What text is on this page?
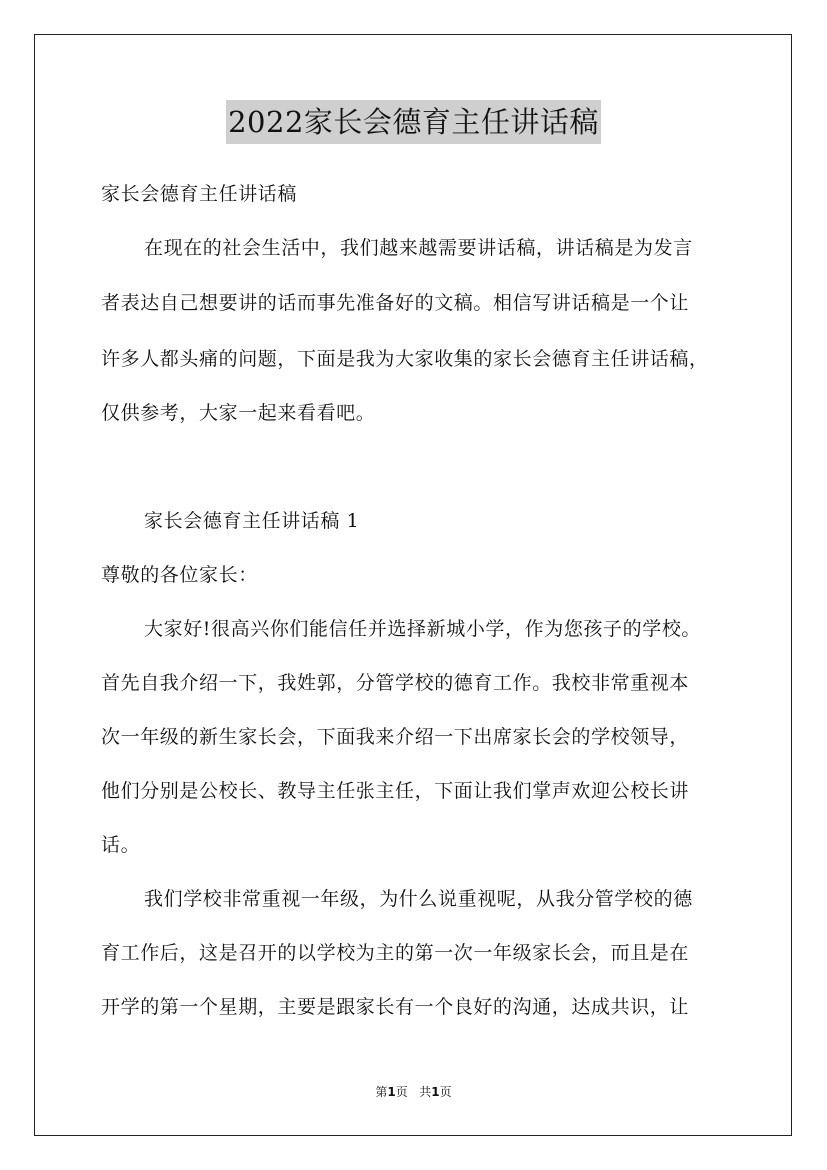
2022家长会德育主任讲话稿
家长会德育主任讲话稿
在现在的社会生活中，我们越来越需要讲话稿，讲话稿是为发言
者表达自己想要讲的话而事先准备好的文稿。相信写讲话稿是一个让
许多人都头痛的问题，下面是我为大家收集的家长会德育主任讲话稿，
仅供参考，大家一起来看看吧。
家长会德育主任讲话稿 1
尊敬的各位家长：
大家好!很高兴你们能信任并选择新城小学，作为您孩子的学校。
首先自我介绍一下，我姓郭，分管学校的德育工作。我校非常重视本
次一年级的新生家长会，下面我来介绍一下出席家长会的学校领导，
他们分别是公校长、教导主任张主任，下面让我们掌声欢迎公校长讲
话。
我们学校非常重视一年级，为什么说重视呢，从我分管学校的德
育工作后，这是召开的以学校为主的第一次一年级家长会，而且是在
开学的第一个星期，主要是跟家长有一个良好的沟通，达成共识，让
第1页 共1页
